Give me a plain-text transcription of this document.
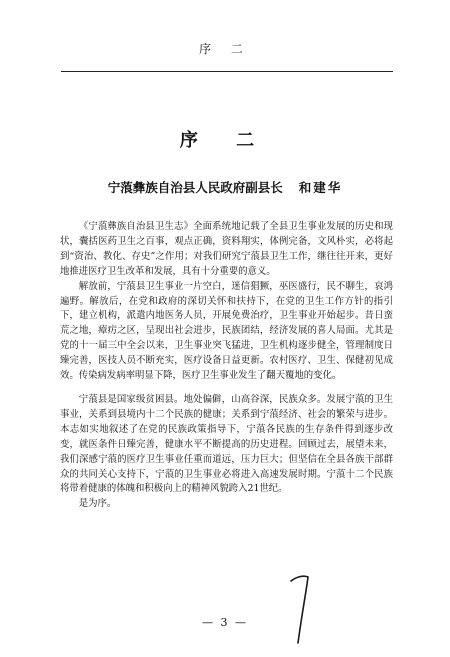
序 二
序 二
宁蒗彝族自治县人民政府副县长 和建华

《宁蒗彝族自治县卫生志》全面系统地记载了全县卫生事业发展的历史和现状，囊括医药卫生之百事，观点正确，资料翔实，体例完备，文风朴实，必将起到“资治、教化、存史”之作用；对我们研究宁蒗县卫生工作，继往往开来，更好地推进医疗卫生改革和发展，具有十分重要的意义。

解放前，宁蒗县卫生事业一片空白，迷信猖獗，巫医盛行，民不聊生，哀鸿遍野。解放后，在党和政府的深切关怀和扶持下，在党的卫生工作方针的指引下，建立机构，派遣内地医务人员，开展免费治疗，卫生事业开始起步。昔日蛮荒之地，瘴疠之区，呈现出社会进步，民族团结，经济发展的喜人局面。尤其是党的十一届三中全会以来，卫生事业突飞猛进，卫生机构逐步健全，管理制度日臻完善，医技人员不断充实，医疗设备日益更新。农村医疗、卫生、保健初见成效。传染病发病率明显下降，医疗卫生事业发生了翻天覆地的变化。

宁蒗县是国家级贫困县。地处偏僻，山高谷深，民族众多。发展宁蒗的卫生事业，关系到县境内十二个民族的健康；关系到宁蒗经济、社会的繁荣与进步。本志如实地叙述了在党的民族政策指导下，宁蒗各民族的生存条件得到逐步改变，就医条件日臻完善，健康水平不断提高的历史进程。回顾过去，展望未来，我们深感宁蒗的医疗卫生事业任重而道远，压力巨大；但坚信在全县各族干部群众的共同关心支持下，宁蒗的卫生事业必将进入高速发展时期。宁蒗十二个民族将带着健康的体魄和积极向上的精神风貌跨入21世纪。

是为序。

— 3 —
